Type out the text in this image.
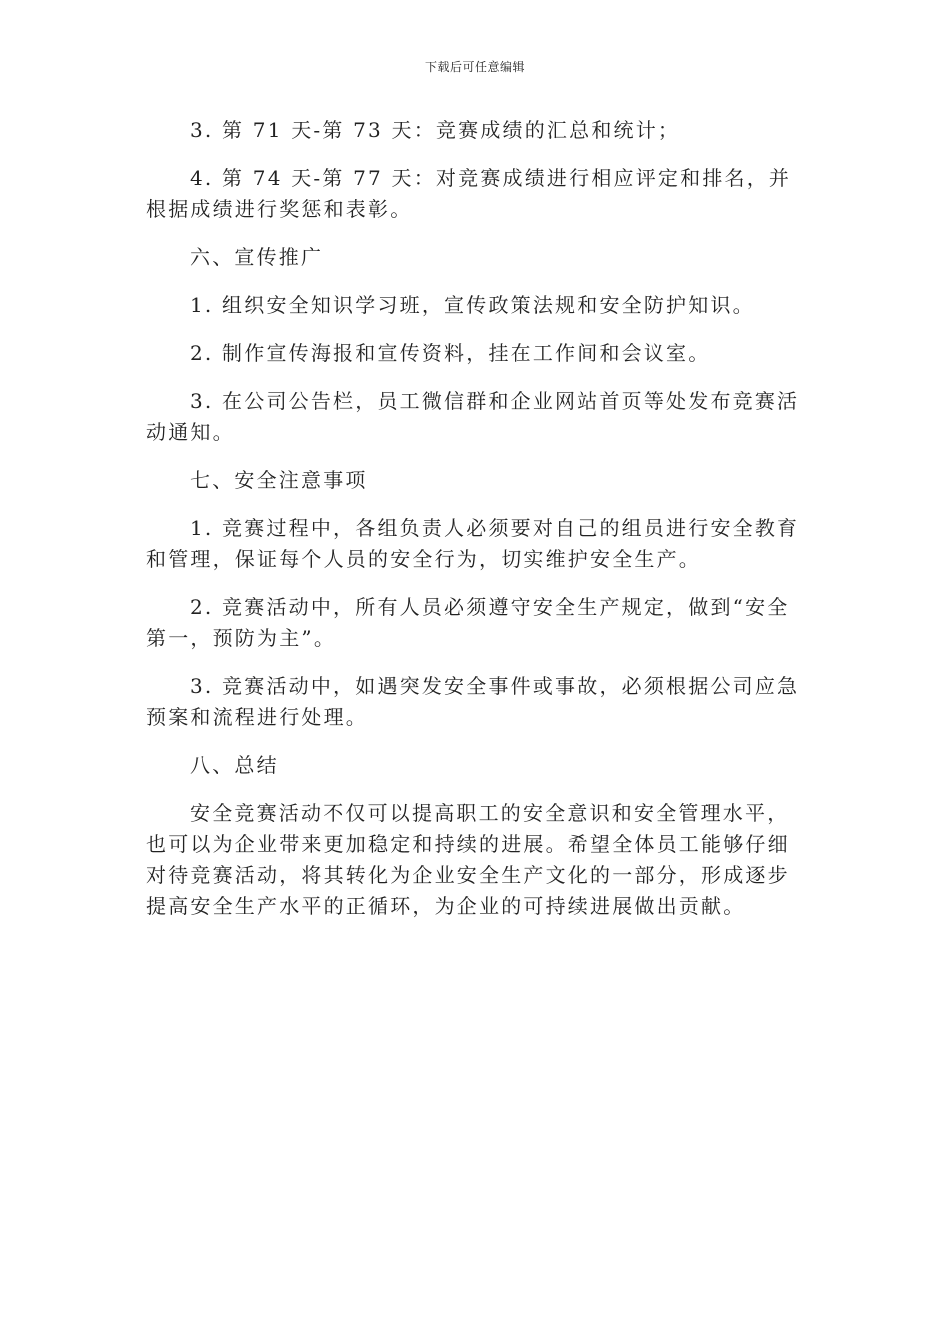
下载后可任意编辑

3. 第 71 天-第 73 天：竞赛成绩的汇总和统计；

4. 第 74 天-第 77 天：对竞赛成绩进行相应评定和排名，并根据成绩进行奖惩和表彰。

六、宣传推广

1. 组织安全知识学习班，宣传政策法规和安全防护知识。

2. 制作宣传海报和宣传资料，挂在工作间和会议室。

3. 在公司公告栏，员工微信群和企业网站首页等处发布竞赛活动通知。

七、安全注意事项

1. 竞赛过程中，各组负责人必须要对自己的组员进行安全教育和管理，保证每个人员的安全行为，切实维护安全生产。

2. 竞赛活动中，所有人员必须遵守安全生产规定，做到“安全第一，预防为主”。

3. 竞赛活动中，如遇突发安全事件或事故，必须根据公司应急预案和流程进行处理。

八、总结

安全竞赛活动不仅可以提高职工的安全意识和安全管理水平，也可以为企业带来更加稳定和持续的进展。希望全体员工能够仔细对待竞赛活动，将其转化为企业安全生产文化的一部分，形成逐步提高安全生产水平的正循环，为企业的可持续进展做出贡献。
